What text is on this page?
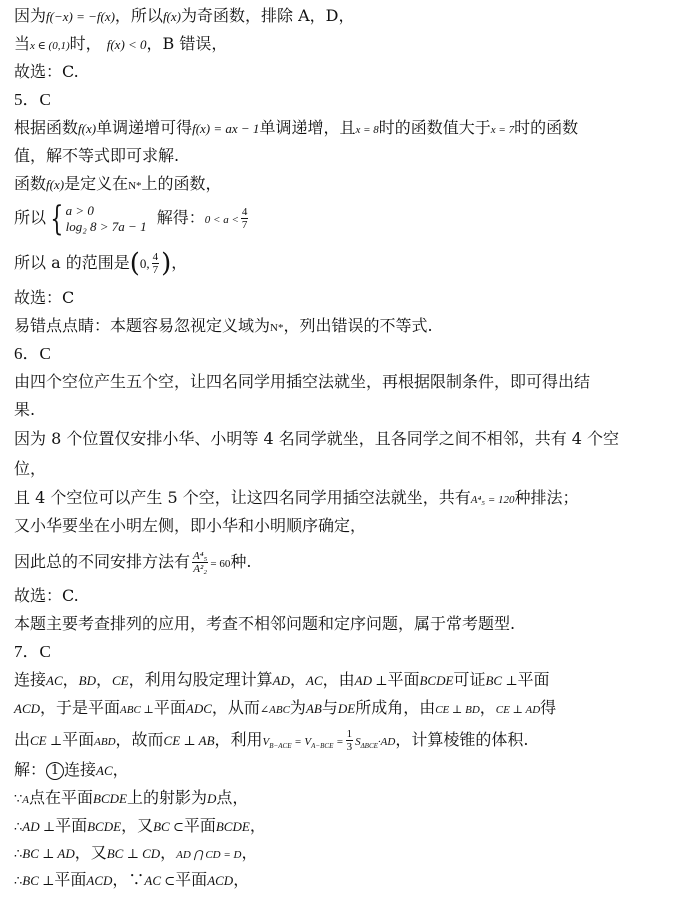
因为f(−x) = −f(x)，所以f(x)为奇函数，排除 A，D，
当x ∈ (0,1)时， f(x) < 0，B 错误，
故选：C.
5．C
根据函数f(x)单调递增可得f(x) = ax − 1单调递增，且x = 8时的函数值大于x = 7时的函数
值，解不等式即可求解.
函数f(x)是定义在N*上的函数，
所以 { a > 0
log₂ 8 > 7a − 1 解得：$0 < a < \frac{4}{7}$
所以 a 的范围是(0, $\frac{4}{7}$ )，
故选：C
易错点点睛：本题容易忽视定义域为N*，列出错误的不等式.
6．C
由四个空位产生五个空，让四名同学用插空法就坐，再根据限制条件，即可得出结
果.
因为 8 个位置仅安排小华、小明等 4 名同学就坐，且各同学之间不相邻，共有 4 个空
位，
且 4 个空位可以产生 5 个空，让这四名同学用插空法就坐，共有A⁴₅ = 120种排法；
又小华要坐在小明左侧，即小华和小明顺序确定，
因此总的不同安排方法有 $\frac{\text{A⁴₅}}{\text{A²₂}} = 60$种.
故选：C.
本题主要考查排列的应用，考查不相邻问题和定序问题，属于常考题型.
7．C
连接AC，BD，CE，利用勾股定理计算AD，AC，由AD ⊥平面BCDE可证BC ⊥平面
ACD，于是平面ABC ⊥平面ADC，从而∠ABC为AB与DE所成角，由CE ⊥ BD，CE ⊥ AD得
出CE ⊥平面ABD，故而CE ⊥ AB，利用$V_{B-ACE} = V_{A-BCE} = \frac{1}{3} S_{\Delta BCE}\cdot AD$，计算棱锥的体积.
解： 1 连接AC，
∵A点在平面BCDE上的射影为D点，
∴AD ⊥平面BCDE，又BC ⊂平面BCDE，
∴BC ⊥ AD，又BC ⊥ CD，AD ⋂ CD = D，
∴BC ⊥平面ACD，∵AC ⊂平面ACD，
